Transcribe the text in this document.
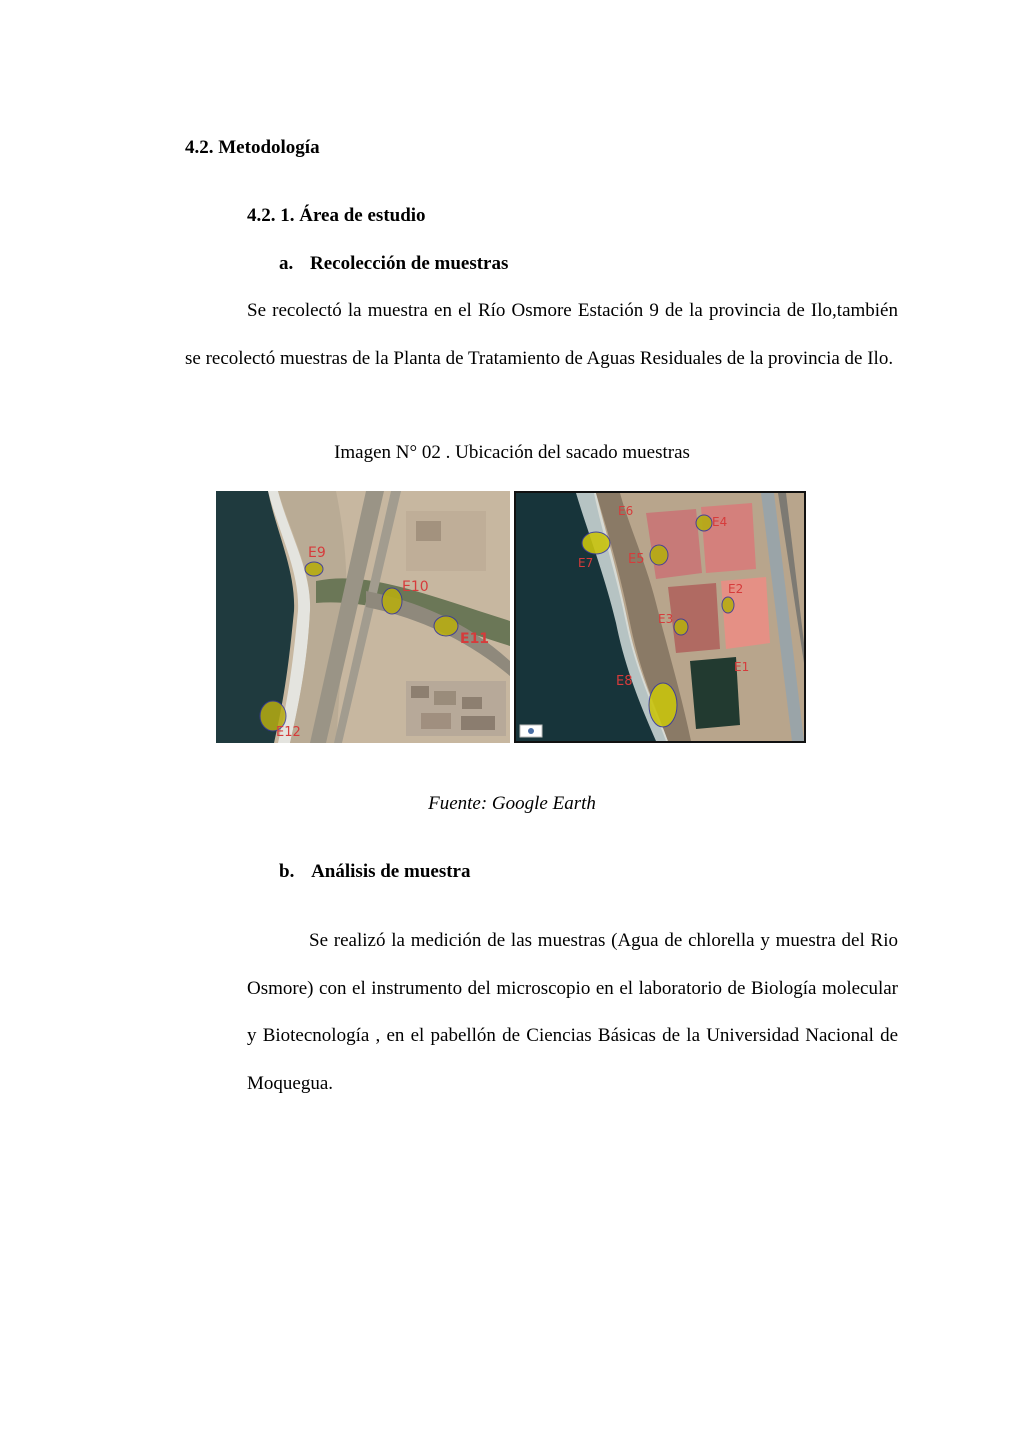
4.2. Metodología
4.2. 1. Área de estudio
a. Recolección de muestras
Se recolectó la muestra en el Río Osmore Estación 9 de la provincia de Ilo,también se recolectó muestras de la Planta de Tratamiento de Aguas Residuales de la provincia de Ilo.
Imagen N° 02 . Ubicación del sacado muestras
E9
E10
E11
E12
E6
E4
E5
E2
E3
E1
E7
E8
Fuente: Google Earth
b. Análisis de muestra
Se realizó la medición de las muestras (Agua de chlorella y muestra del Rio Osmore) con el instrumento del microscopio en el laboratorio de Biología molecular y Biotecnología , en el pabellón de Ciencias Básicas de la Universidad Nacional de Moquegua.
